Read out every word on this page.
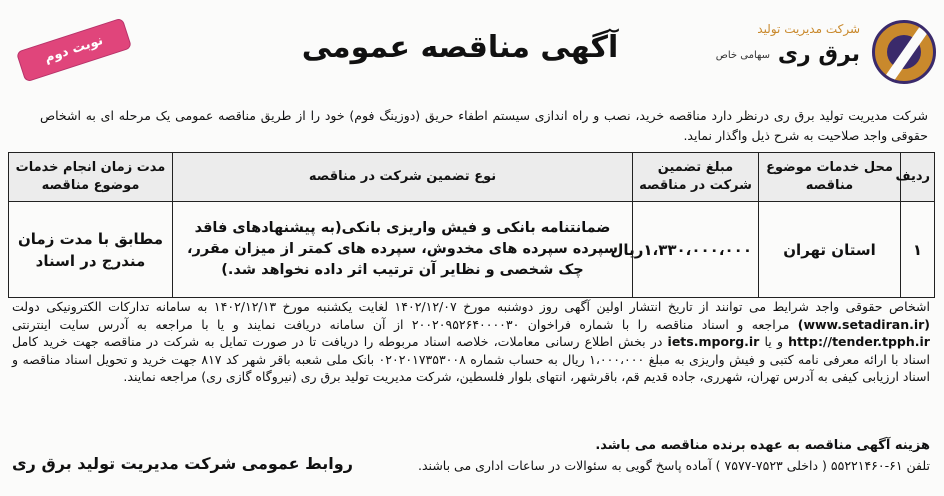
شرکت مدیریت تولید
برق ری
سهامی خاص
آگهی مناقصه عمومی
نوبت دوم
شرکت مدیریت تولید برق ری درنظر دارد مناقصه خرید، نصب و راه اندازی سیستم اطفاء حریق (دوزینگ فوم) خود را از طریق مناقصه عمومی یک مرحله ای به اشخاص حقوقی واجد صلاحیت به شرح ذیل واگذار نماید.
ردیف	محل خدمات موضوع مناقصه	مبلغ تضمین شرکت در مناقصه	نوع تضمین شرکت در مناقصه	مدت زمان انجام خدمات موضوع مناقصه
۱	استان تهران	۱،۳۳۰،۰۰۰،۰۰۰ریال	ضمانتنامه بانکی و فیش واریزی بانکی(به پیشنهادهای فاقد سپرده سپرده های مخدوش، سپرده های کمتر از میزان مقرر، چک شخصی و نظایر آن ترتیب اثر داده نخواهد شد.)	مطابق با مدت زمان مندرج در اسناد
اشخاص حقوقی واجد شرایط می توانند از تاریخ انتشار اولین آگهی روز دوشنبه مورخ ۱۴۰۲/۱۲/۰۷ لغایت یکشنبه مورخ ۱۴۰۲/۱۲/۱۳ به سامانه تدارکات الکترونیکی دولت (www.setadiran.ir) مراجعه و اسناد مناقصه را با شماره فراخوان ۲۰۰۲۰۹۵۲۶۴۰۰۰۰۳۰ از آن سامانه دریافت نمایند و یا با مراجعه به آدرس سایت اینترنتی http://tender.tpph.ir و یا iets.mporg.ir در بخش اطلاع رسانی معاملات، خلاصه اسناد مربوطه را دریافت تا در صورت تمایل به شرکت در مناقصه جهت خرید کامل اسناد با ارائه معرفی نامه کتبی و فیش واریزی به مبلغ ۱،۰۰۰،۰۰۰ ریال به حساب شماره ۰۲۰۲۰۱۷۳۵۳۰۰۸ بانک ملی شعبه باقر شهر کد ۸۱۷ جهت خرید و تحویل اسناد مناقصه و اسناد ارزیابی کیفی به آدرس تهران، شهرری، جاده قدیم قم، باقرشهر، انتهای بلوار فلسطین، شرکت مدیریت تولید برق ری (نیروگاه گازی ری) مراجعه نمایند.
هزینه آگهی مناقصه به عهده برنده مناقصه می باشد.
تلفن ۶۱-۵۵۲۲۱۴۶۰ ( داخلی ۷۵۲۳-۷۵۷۷ ) آماده پاسخ گویی به سئوالات در ساعات اداری می باشند.
روابط عمومی شرکت مدیریت تولید برق ری
